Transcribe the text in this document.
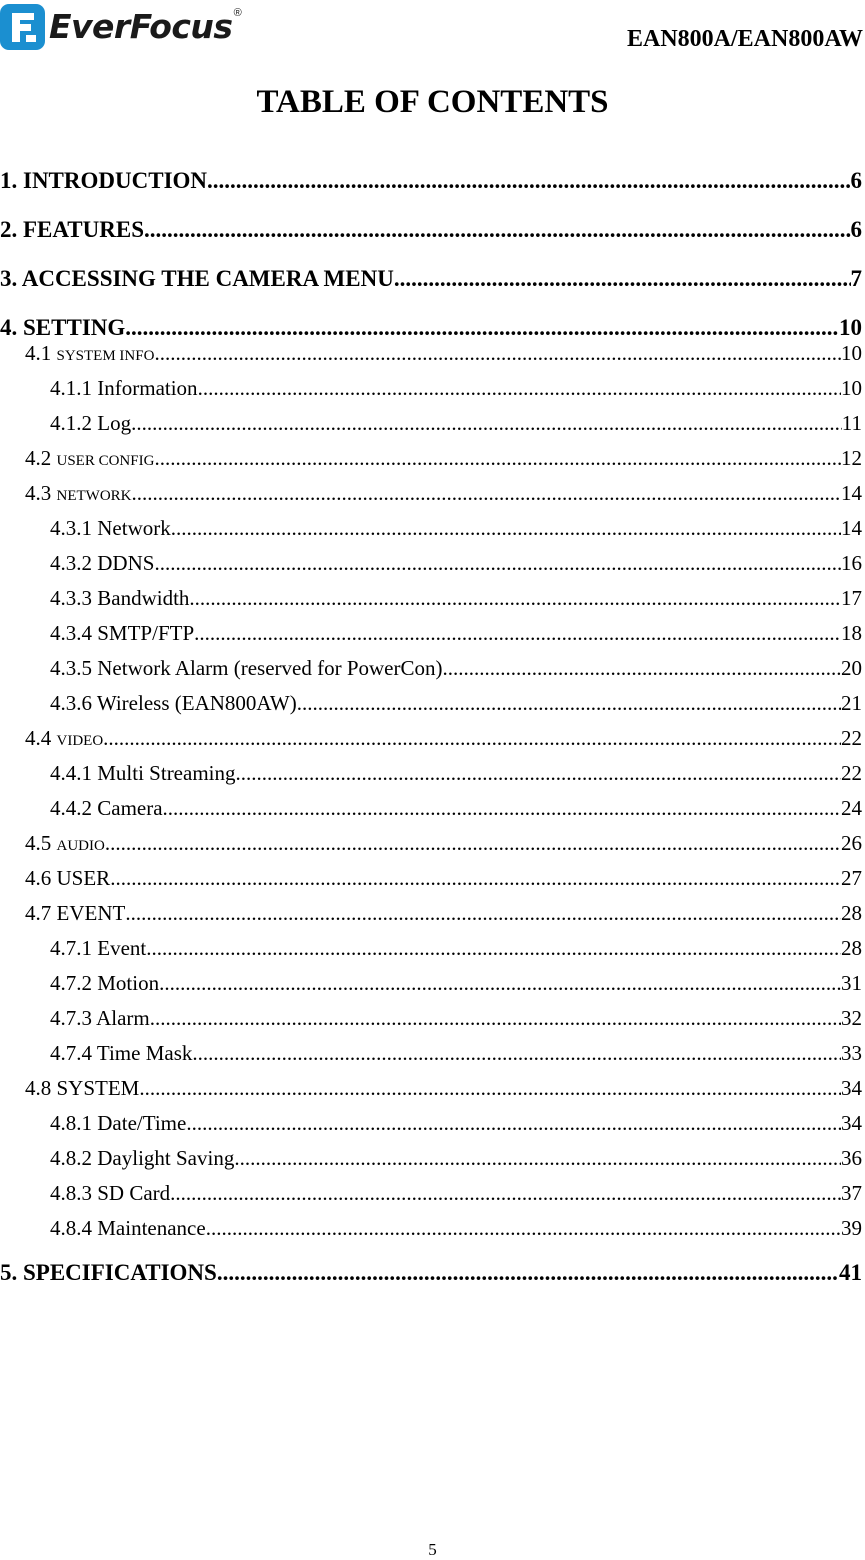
EverFocus ®
EAN800A/EAN800AW
TABLE OF CONTENTS
1. INTRODUCTION .....	6
2. FEATURES .....	6
3. ACCESSING THE CAMERA MENU .....	7
4. SETTING .....	10
4.1 SYSTEM INFO .....	10
4.1.1 Information .....	10
4.1.2 Log .....	11
4.2 USER CONFIG .....	12
4.3 NETWORK .....	14
4.3.1 Network .....	14
4.3.2 DDNS .....	16
4.3.3 Bandwidth .....	17
4.3.4 SMTP/FTP .....	18
4.3.5 Network Alarm (reserved for PowerCon) .....	20
4.3.6 Wireless (EAN800AW) .....	21
4.4 VIDEO .....	22
4.4.1 Multi Streaming .....	22
4.4.2 Camera .....	24
4.5 AUDIO .....	26
4.6 USER .....	27
4.7 EVENT .....	28
4.7.1 Event .....	28
4.7.2 Motion .....	31
4.7.3 Alarm .....	32
4.7.4 Time Mask .....	33
4.8 SYSTEM .....	34
4.8.1 Date/Time .....	34
4.8.2 Daylight Saving .....	36
4.8.3 SD Card .....	37
4.8.4 Maintenance .....	39
5. SPECIFICATIONS .....	41
5
